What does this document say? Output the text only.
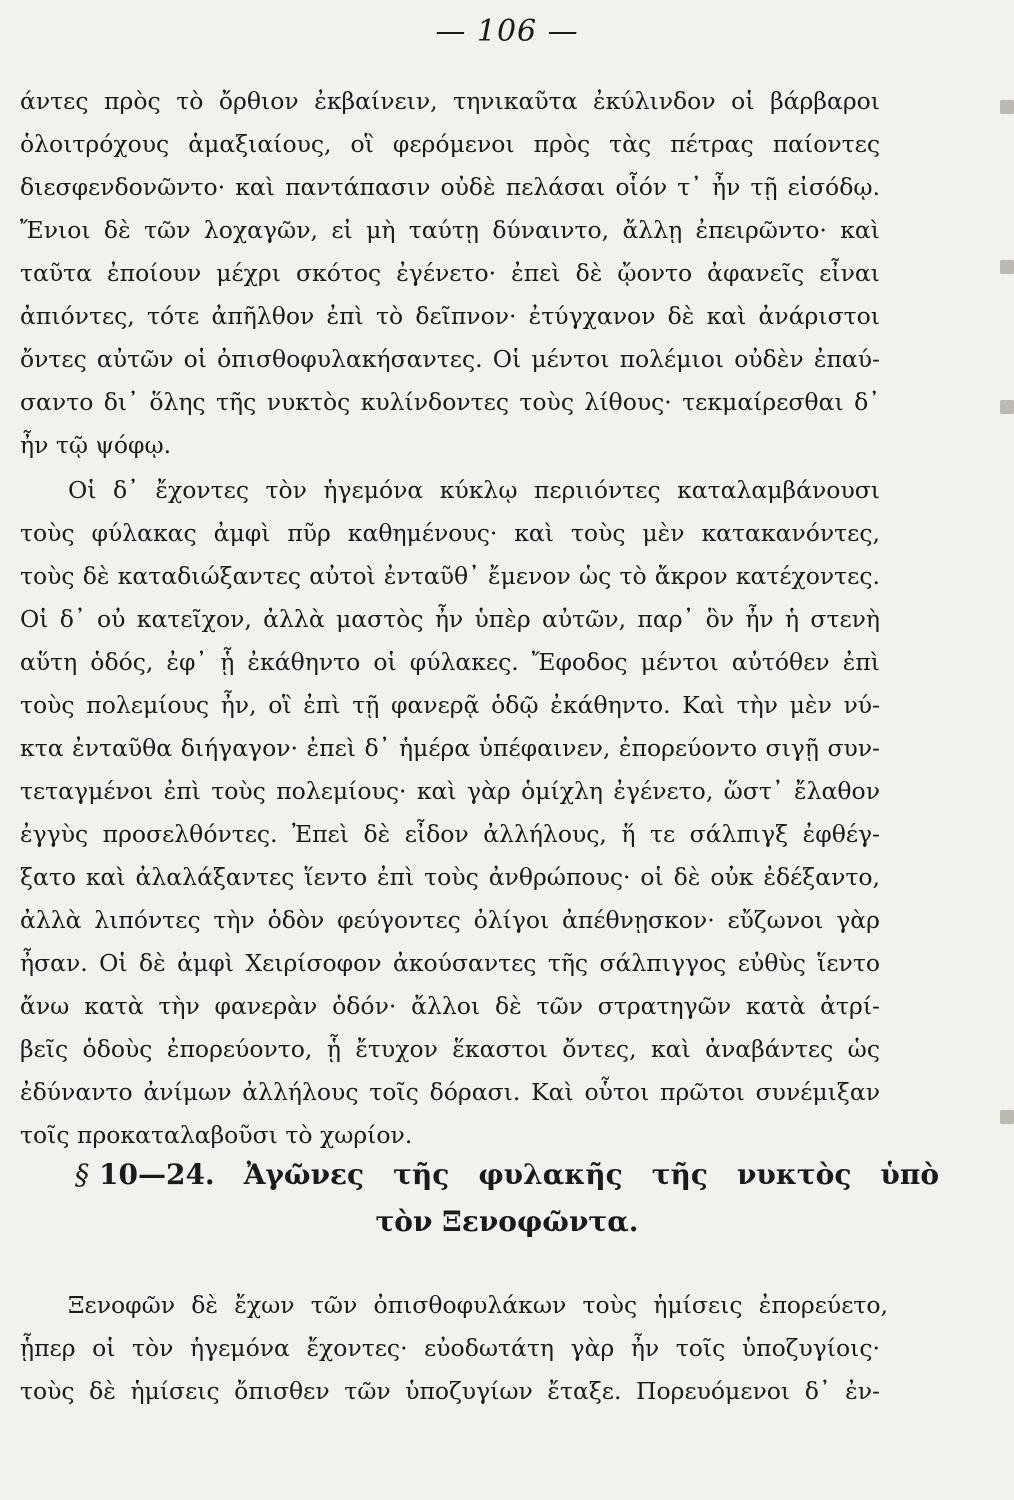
— 106 —
άντες πρὸς τὸ ὄρθιον ἐκβαίνειν, τηνικαῦτα ἐκύλινδον οἱ βάρβαροι
ὁλοιτρόχους ἁμαξιαίους, οἳ φερόμενοι πρὸς τὰς πέτρας παίοντες
διεσφενδονῶντο· καὶ παντάπασιν οὐδὲ πελάσαι οἷόν τ᾽ ἦν τῇ εἰσόδῳ.
Ἔνιοι δὲ τῶν λοχαγῶν, εἰ μὴ ταύτῃ δύναιντο, ἄλλῃ ἐπειρῶντο· καὶ
ταῦτα ἐποίουν μέχρι σκότος ἐγένετο· ἐπεὶ δὲ ᾤοντο ἀφανεῖς εἶναι
ἀπιόντες, τότε ἀπῆλθον ἐπὶ τὸ δεῖπνον· ἐτύγχανον δὲ καὶ ἀνάριστοι
ὄντες αὐτῶν οἱ ὀπισθοφυλακήσαντες. Οἱ μέντοι πολέμιοι οὐδὲν ἐπαύ-
σαντο δι᾽ ὅλης τῆς νυκτὸς κυλίνδοντες τοὺς λίθους· τεκμαίρεσθαι δ᾽
ἦν τῷ ψόφῳ.
Οἱ δ᾽ ἔχοντες τὸν ἡγεμόνα κύκλῳ περιιόντες καταλαμβάνουσι
τοὺς φύλακας ἀμφὶ πῦρ καθημένους· καὶ τοὺς μὲν κατακανόντες,
τοὺς δὲ καταδιώξαντες αὐτοὶ ἐνταῦθ᾽ ἔμενον ὡς τὸ ἄκρον κατέχοντες.
Οἱ δ᾽ οὐ κατεῖχον, ἀλλὰ μαστὸς ἦν ὑπὲρ αὐτῶν, παρ᾽ ὃν ἦν ἡ στενὴ
αὕτη ὁδός, ἐφ᾽ ᾗ ἐκάθηντο οἱ φύλακες. Ἔφοδος μέντοι αὐτόθεν ἐπὶ
τοὺς πολεμίους ἦν, οἳ ἐπὶ τῇ φανερᾷ ὁδῷ ἐκάθηντο. Καὶ τὴν μὲν νύ-
κτα ἐνταῦθα διήγαγον· ἐπεὶ δ᾽ ἡμέρα ὑπέφαινεν, ἐπορεύοντο σιγῇ συν-
τεταγμένοι ἐπὶ τοὺς πολεμίους· καὶ γὰρ ὁμίχλη ἐγένετο, ὥστ᾽ ἔλαθον
ἐγγὺς προσελθόντες. Ἐπεὶ δὲ εἶδον ἀλλήλους, ἥ τε σάλπιγξ ἐφθέγ-
ξατο καὶ ἀλαλάξαντες ἵεντο ἐπὶ τοὺς ἀνθρώπους· οἱ δὲ οὐκ ἐδέξαντο,
ἀλλὰ λιπόντες τὴν ὁδὸν φεύγοντες ὀλίγοι ἀπέθνῃσκον· εὔζωνοι γὰρ
ἦσαν. Οἱ δὲ ἀμφὶ Χειρίσοφον ἀκούσαντες τῆς σάλπιγγος εὐθὺς ἵεντο
ἄνω κατὰ τὴν φανερὰν ὁδόν· ἄλλοι δὲ τῶν στρατηγῶν κατὰ ἀτρί-
βεῖς ὁδοὺς ἐπορεύοντο, ᾗ ἔτυχον ἕκαστοι ὄντες, καὶ ἀναβάντες ὡς
ἐδύναντο ἀνίμων ἀλλήλους τοῖς δόρασι. Καὶ οὗτοι πρῶτοι συνέμιξαν
τοῖς προκαταλαβοῦσι τὸ χωρίον.
§ 10—24. Ἀγῶνες τῆς φυλακῆς τῆς νυκτὸς ὑπὸ
τὸν Ξενοφῶντα.
Ξενοφῶν δὲ ἔχων τῶν ὀπισθοφυλάκων τοὺς ἡμίσεις ἐπορεύετο,
ᾗπερ οἱ τὸν ἡγεμόνα ἔχοντες· εὐοδωτάτη γὰρ ἦν τοῖς ὑποζυγίοις·
τοὺς δὲ ἡμίσεις ὄπισθεν τῶν ὑποζυγίων ἔταξε. Πορευόμενοι δ᾽ ἐν-
